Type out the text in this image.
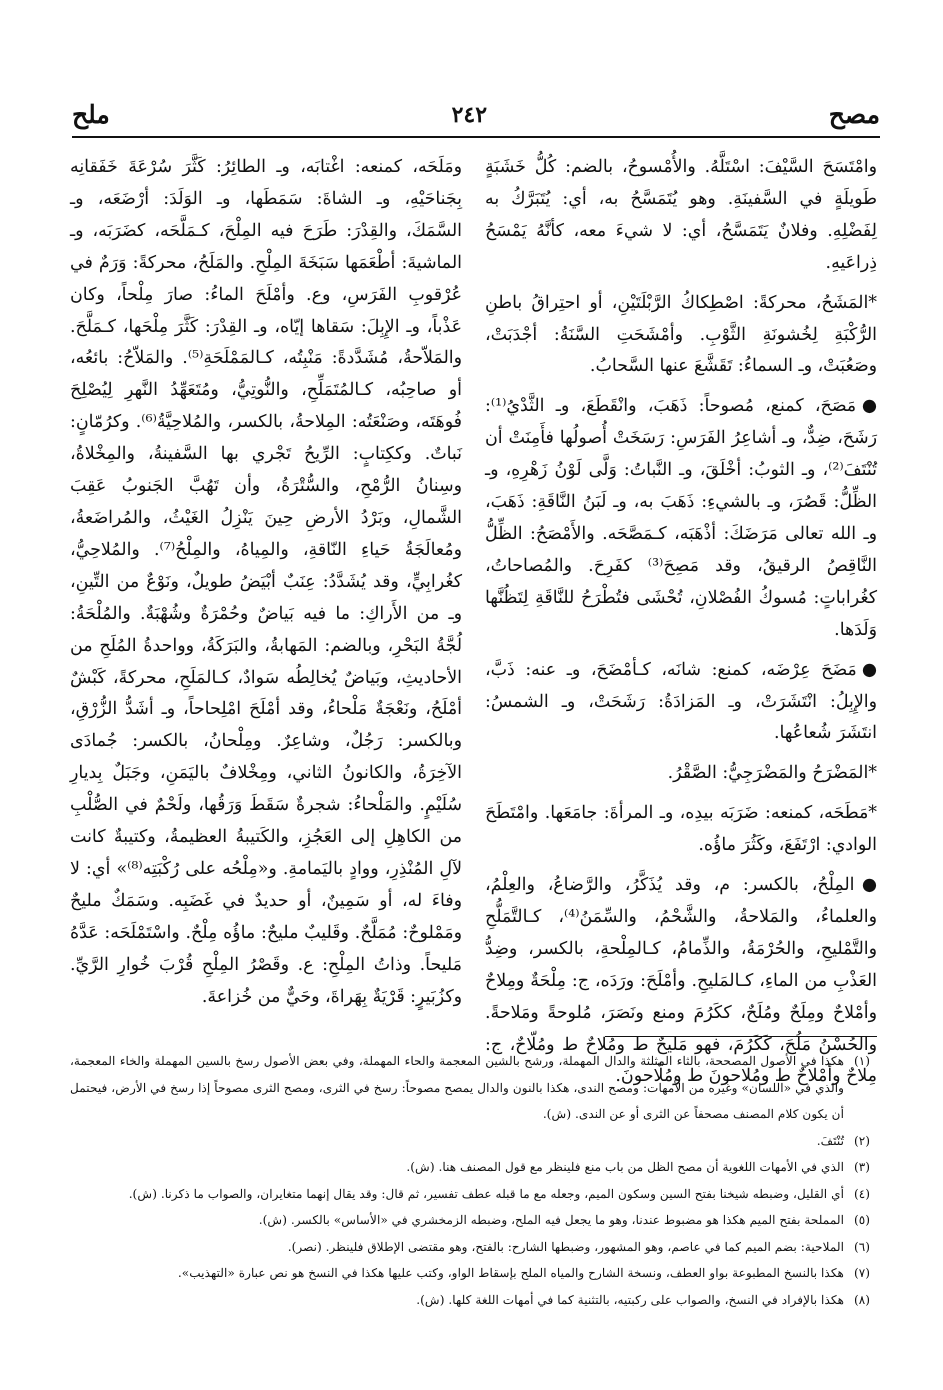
مصح
٢٤٢
ملح

وامْتَسَحَ السَّيْفَ: اسْتَلَّهُ. والأُمْسوحُ، بالضم: كُلُّ خَشَبَةٍ طَويلَةٍ في السَّفينَةِ. وهو يُتَمَسَّحُ به، أي: يُتَبَرَّكُ به لِفَضْلِهِ. وفلانٌ يَتَمَسَّحُ، أي: لا شيءَ معه، كأنَّهُ يَمْسَحُ ذِراعَيهِ.

*المَشَحُ، محركةً: اصْطِكاكُ الرَّبْلَتَيْنِ، أو احتِراقُ باطنِ الرُّكْبَةِ لِخُشونَةِ الثَّوْبِ. وأمْشَحَتِ السَّنَةُ: أجْدَبَتْ، وصَعُبَتْ، وـ السماءُ: تَقَشَّعَ عنها السَّحابُ.

●مَصَحَ، كمنع، مُصوحاً: ذَهَبَ، وانْقَطَعَ، وـ الثَّدْيُ⁽¹⁾: رَشَحَ، ضِدٌّ، وـ أشاعِرُ الفَرَسِ: رَسَخَتْ أُصولُها فأَمِنَتْ أن تُنْتَفَ⁽²⁾، وـ الثوبُ: أخْلَقَ، وـ النَّباتُ: وَلَّى لَوْنُ زَهْرِهِ، وـ الظِّلُّ: قَصُرَ، وـ بالشيءِ: ذَهَبَ به، وـ لَبَنُ النَّاقَةِ: ذَهَبَ، وـ الله تعالى مَرَضَكَ: أذْهَبَه، كـمَصَّحَه. والأَمْصَحُ: الظِّلُّ النَّاقِصُ الرقيقُ، وقد مَصِحَ⁽³⁾ كفَرِحَ. والمُصاحاتُ، كغُراباتٍ: مُسوكُ الفُصْلانِ، تُحْشَى فتُطْرَحُ للنَّاقَةِ لِتَظُنَّها وَلَدَها.

●مَضَحَ عِرْضَه، كمنع: شانَه، كـأمْضَحَ، وـ عنه: ذَبَّ، والإِبِلُ: انْتَشَرَتْ، وـ المَزادَةُ: رَشَحَتْ، وـ الشمسُ: انتَشَرَ شُعاعُها.

*المَضْرَحُ والمَضْرَجِيُّ: الصَّقْرُ.

*مَطَحَه، كمنعه: ضَرَبَه بيدِه، وـ المرأةَ: جامَعَها. وامْتَطَحَ الوادي: ارْتَفَعَ، وكَثُرَ ماؤُه.

●المِلْحُ، بالكسر: م، وقد يُذَكَّرُ، والرَّضاعُ، والعِلْمُ، والعلماءُ، والمَلاحةُ، والشَّحْمُ، والسِّمَنُ⁽⁴⁾، كـالتَّمَلُّحِ والتَّمْليحِ، والحُرْمَةُ، والذِّمامُ، كـالمِلْحةِ، بالكسر، وضِدُّ العَذْبِ من الماءِ، كـالمَليحِ. وأمْلَحَ: ورَدَه، ج: مِلْحَةٌ ومِلاحٌ وأمْلاحٌ ومِلَحٌ ومُلَحٌ، ككَرُمَ ومنع ونَصَرَ، مُلوحةً ومَلاحةً. والحُسْنُ مَلُحَ، كَكَرُمَ، فهو مَليحٌ ط ومُلاحٌ ط ومُلّاحٌ، ج: مِلاحٌ وأمْلاحٌ ط ومُلاحونَ ط ومُلّاحونَ.

ومَلَحَه، كمنعه: اغْتابَه، وـ الطائِرُ: كَثَّرَ سُرْعَةَ خَفَقانِه بِجَناحَيْهِ، وـ الشاةَ: سَمَطَها، وـ الوَلَدَ: أرْضَعَه، وـ السَّمَكَ، والقِدْرَ: طَرَحَ فيه المِلْحَ، كـمَلَّحَه، كضَرَبَه، وـ الماشيةَ: أطْعَمَها سَبَخَةَ المِلْحِ. والمَلَحُ، محركةً: وَرَمٌ في عُرْقوبِ الفَرَسِ، وع. وأمْلَحَ الماءُ: صارَ مِلْحاً، وكان عَذْباً، وـ الإِبِلَ: سَقاها إيّاه، وـ القِدْرَ: كَثَّرَ مِلْحَها، كـمَلَّحَ. والمَلاّحةُ، مُشَدَّدةً: مَنْبِتُه، كـالمَمْلَحَةِ⁽⁵⁾. والمَلاّحُ: بائعُه، أو صاحِبُه، كـالمُتَمَلِّحِ، والنُّوتِيُّ، ومُتَعَهِّدُ النَّهرِ لِيُصْلِحَ فُوهَتَه، وصَنْعَتُه: المِلاحةُ، بالكسر، والمُلاحِيَّةُ⁽⁶⁾. وكرُمّانٍ: نَباتٌ. وككِتابٍ: الرِّيحُ تَجْري بها السَّفينةُ، والمِخْلاةُ، وسِنانُ الرُّمْحِ، والسُّتْرَةُ، وأن تَهُبَّ الجَنوبُ عَقِبَ الشَّمالِ، وبَرْدُ الأرضِ حِينَ يَنْزِلُ الغَيْثُ، والمُراضَعةُ، ومُعالَجَةُ حَياءِ النّاقةِ، والمِياهُ، والمِلْحُ⁽⁷⁾. والمُلاحِيُّ، كغُرابِيٍّ، وقد يُشَدَّدُ: عِنَبٌ أبْيَضُ طويلٌ، ونَوْعٌ من التِّينِ، وـ من الأَراكِ: ما فيه بَياضٌ وحُمْرَةٌ وشُهْبَةٌ. والمُلْحَةُ: لُجَّةُ البَحْرِ، وبالضم: المَهابةُ، والبَرَكَةُ، وواحدةُ المُلَحِ من الأحاديثِ، وبَياضٌ يُخالِطُه سَوادٌ، كـالمَلَحِ، محركةً، كَبْشٌ أمْلَحُ، ونَعْجَةٌ مَلْحاءُ، وقد أمْلَحَ امْلِحاحاً، وـ أشَدُّ الزُّرْقِ، وبالكسر: رَجُلٌ، وشاعِرٌ. ومِلْحانُ، بالكسر: جُمادَى الآخِرَةُ، والكانونُ الثاني، ومِخْلافٌ باليَمَنِ، وجَبَلٌ بِديارِ سُلَيْمٍ. والمَلْحاءُ: شجرةٌ سَقَطَ وَرَقُها، ولَحْمٌ في الصُّلْبِ من الكاهِلِ إلى العَجُزِ، والكَتيبةُ العظيمةُ، وكتيبةٌ كانت لآلِ المُنْذِرِ، ووادٍ باليَمامةِ. و«مِلْحُه على رُكْبَتِه⁽⁸⁾» أي: لا وفاءَ له، أو سَمِينٌ، أو حديدٌ في غَضَبِه. وسَمَكٌ مليحٌ ومَمْلوحٌ: مُمَلَّحٌ. وقَليبٌ مليحٌ: ماؤُه مِلْحٌ. واسْتَمْلَحَه: عَدَّهُ مَليحاً. وذاتُ المِلْحِ: ع. وقَصْرُ المِلْحِ قُرْبَ خُوارِ الرَّيِّ. وكزُبَيرٍ: قَرْيَةٌ بِهَراةَ، وحَيٌّ من خُزاعةَ.

(١)
هكذا في الأصول المصححة، بالثاء المثلثة والدال المهملة، ورشح بالشين المعجمة والحاء المهملة، وفي بعض الأصول رسخ بالسين المهملة والخاء المعجمة، والذي في «اللسان» وغيره من الأمهات: ومصح الندى، هكذا بالنون والدال يمصح مصوحاً: رسخ في الثرى، ومصح الثرى مصوحاً إذا رسخ في الأرض، فيحتمل أن يكون كلام المصنف مصحفاً عن الثرى أو عن الندى. (ش).
(٢)
تُنْتَفَ.
(٣)
الذي في الأمهات اللغوية أن مصح الظل من باب منع فلينظر مع قول المصنف هنا. (ش).
(٤)
أي القليل، وضبطه شيخنا بفتح السين وسكون الميم، وجعله مع ما قبله عطف تفسير، ثم قال: وقد يقال إنهما متغايران، والصواب ما ذكرنا. (ش).
(٥)
المملحة بفتح الميم هكذا هو مضبوط عندنا، وهو ما يجعل فيه الملح، وضبطه الزمخشري في «الأساس» بالكسر. (ش).
(٦)
الملاحية: بضم الميم كما في عاصم، وهو المشهور، وضبطها الشارح: بالفتح، وهو مقتضى الإطلاق فلينظر. (نصر).
(٧)
هكذا بالنسخ المطبوعة بواو العطف، ونسخة الشارح والمياه الملح بإسقاط الواو، وكتب عليها هكذا في النسخ هو نص عبارة «التهذيب».
(٨)
هكذا بالإفراد في النسخ، والصواب على ركبتيه، بالتثنية كما في أمهات اللغة كلها. (ش).
